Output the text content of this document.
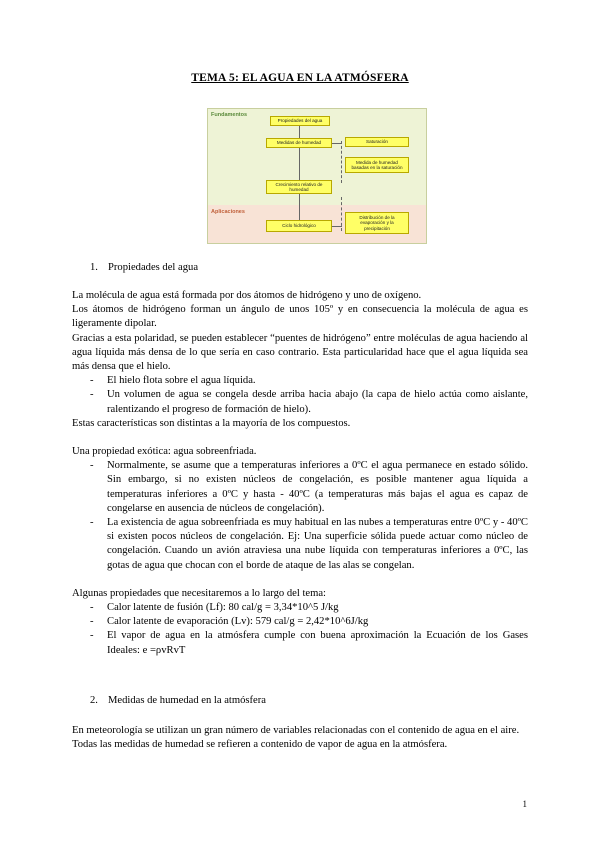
TEMA 5: EL AGUA EN LA ATMÓSFERA
Fundamentos
Aplicaciones
Propiedades del agua
Medidas de humedad	Saturación
Medida de humedad basadas en la saturación
Crecimiento relativo de humedad
Ciclo hidrológico
Distribución de la evaporación y la precipitación
1. Propiedades del agua

La molécula de agua está formada por dos átomos de hidrógeno y uno de oxígeno.

Los átomos de hidrógeno forman un ángulo de unos 105º y en consecuencia la molécula de agua es ligeramente dipolar.

Gracias a esta polaridad, se pueden establecer “puentes de hidrógeno” entre moléculas de agua haciendo al agua líquida más densa de lo que sería en caso contrario. Esta particularidad hace que el agua líquida sea más densa que el hielo.

- El hielo flota sobre el agua líquida.
- Un volumen de agua se congela desde arriba hacia abajo (la capa de hielo actúa como aislante, ralentizando el progreso de formación de hielo).

Estas características son distintas a la mayoría de los compuestos.

Una propiedad exótica: agua sobreenfriada.

- Normalmente, se asume que a temperaturas inferiores a 0ºC el agua permanece en estado sólido. Sin embargo, si no existen núcleos de congelación, es posible mantener agua líquida a temperaturas inferiores a 0ºC y hasta - 40ºC (a temperaturas más bajas el agua es capaz de congelarse en ausencia de núcleos de congelación).
- La existencia de agua sobreenfriada es muy habitual en las nubes a temperaturas entre 0ºC y - 40ºC si existen pocos núcleos de congelación. Ej: Una superficie sólida puede actuar como núcleo de congelación. Cuando un avión atraviesa una nube líquida con temperaturas inferiores a 0ºC, las gotas de agua que chocan con el borde de ataque de las alas se congelan.

Algunas propiedades que necesitaremos a lo largo del tema:

- Calor latente de fusión (Lf): 80 cal/g = 3,34*10^5 J/kg
- Calor latente de evaporación (Lv): 579 cal/g = 2,42*10^6J/kg
- El vapor de agua en la atmósfera cumple con buena aproximación la Ecuación de los Gases Ideales: e =ρvRvT
2. Medidas de humedad en la atmósfera

En meteorología se utilizan un gran número de variables relacionadas con el contenido de agua en el aire.

Todas las medidas de humedad se refieren a contenido de vapor de agua en la atmósfera.

1
